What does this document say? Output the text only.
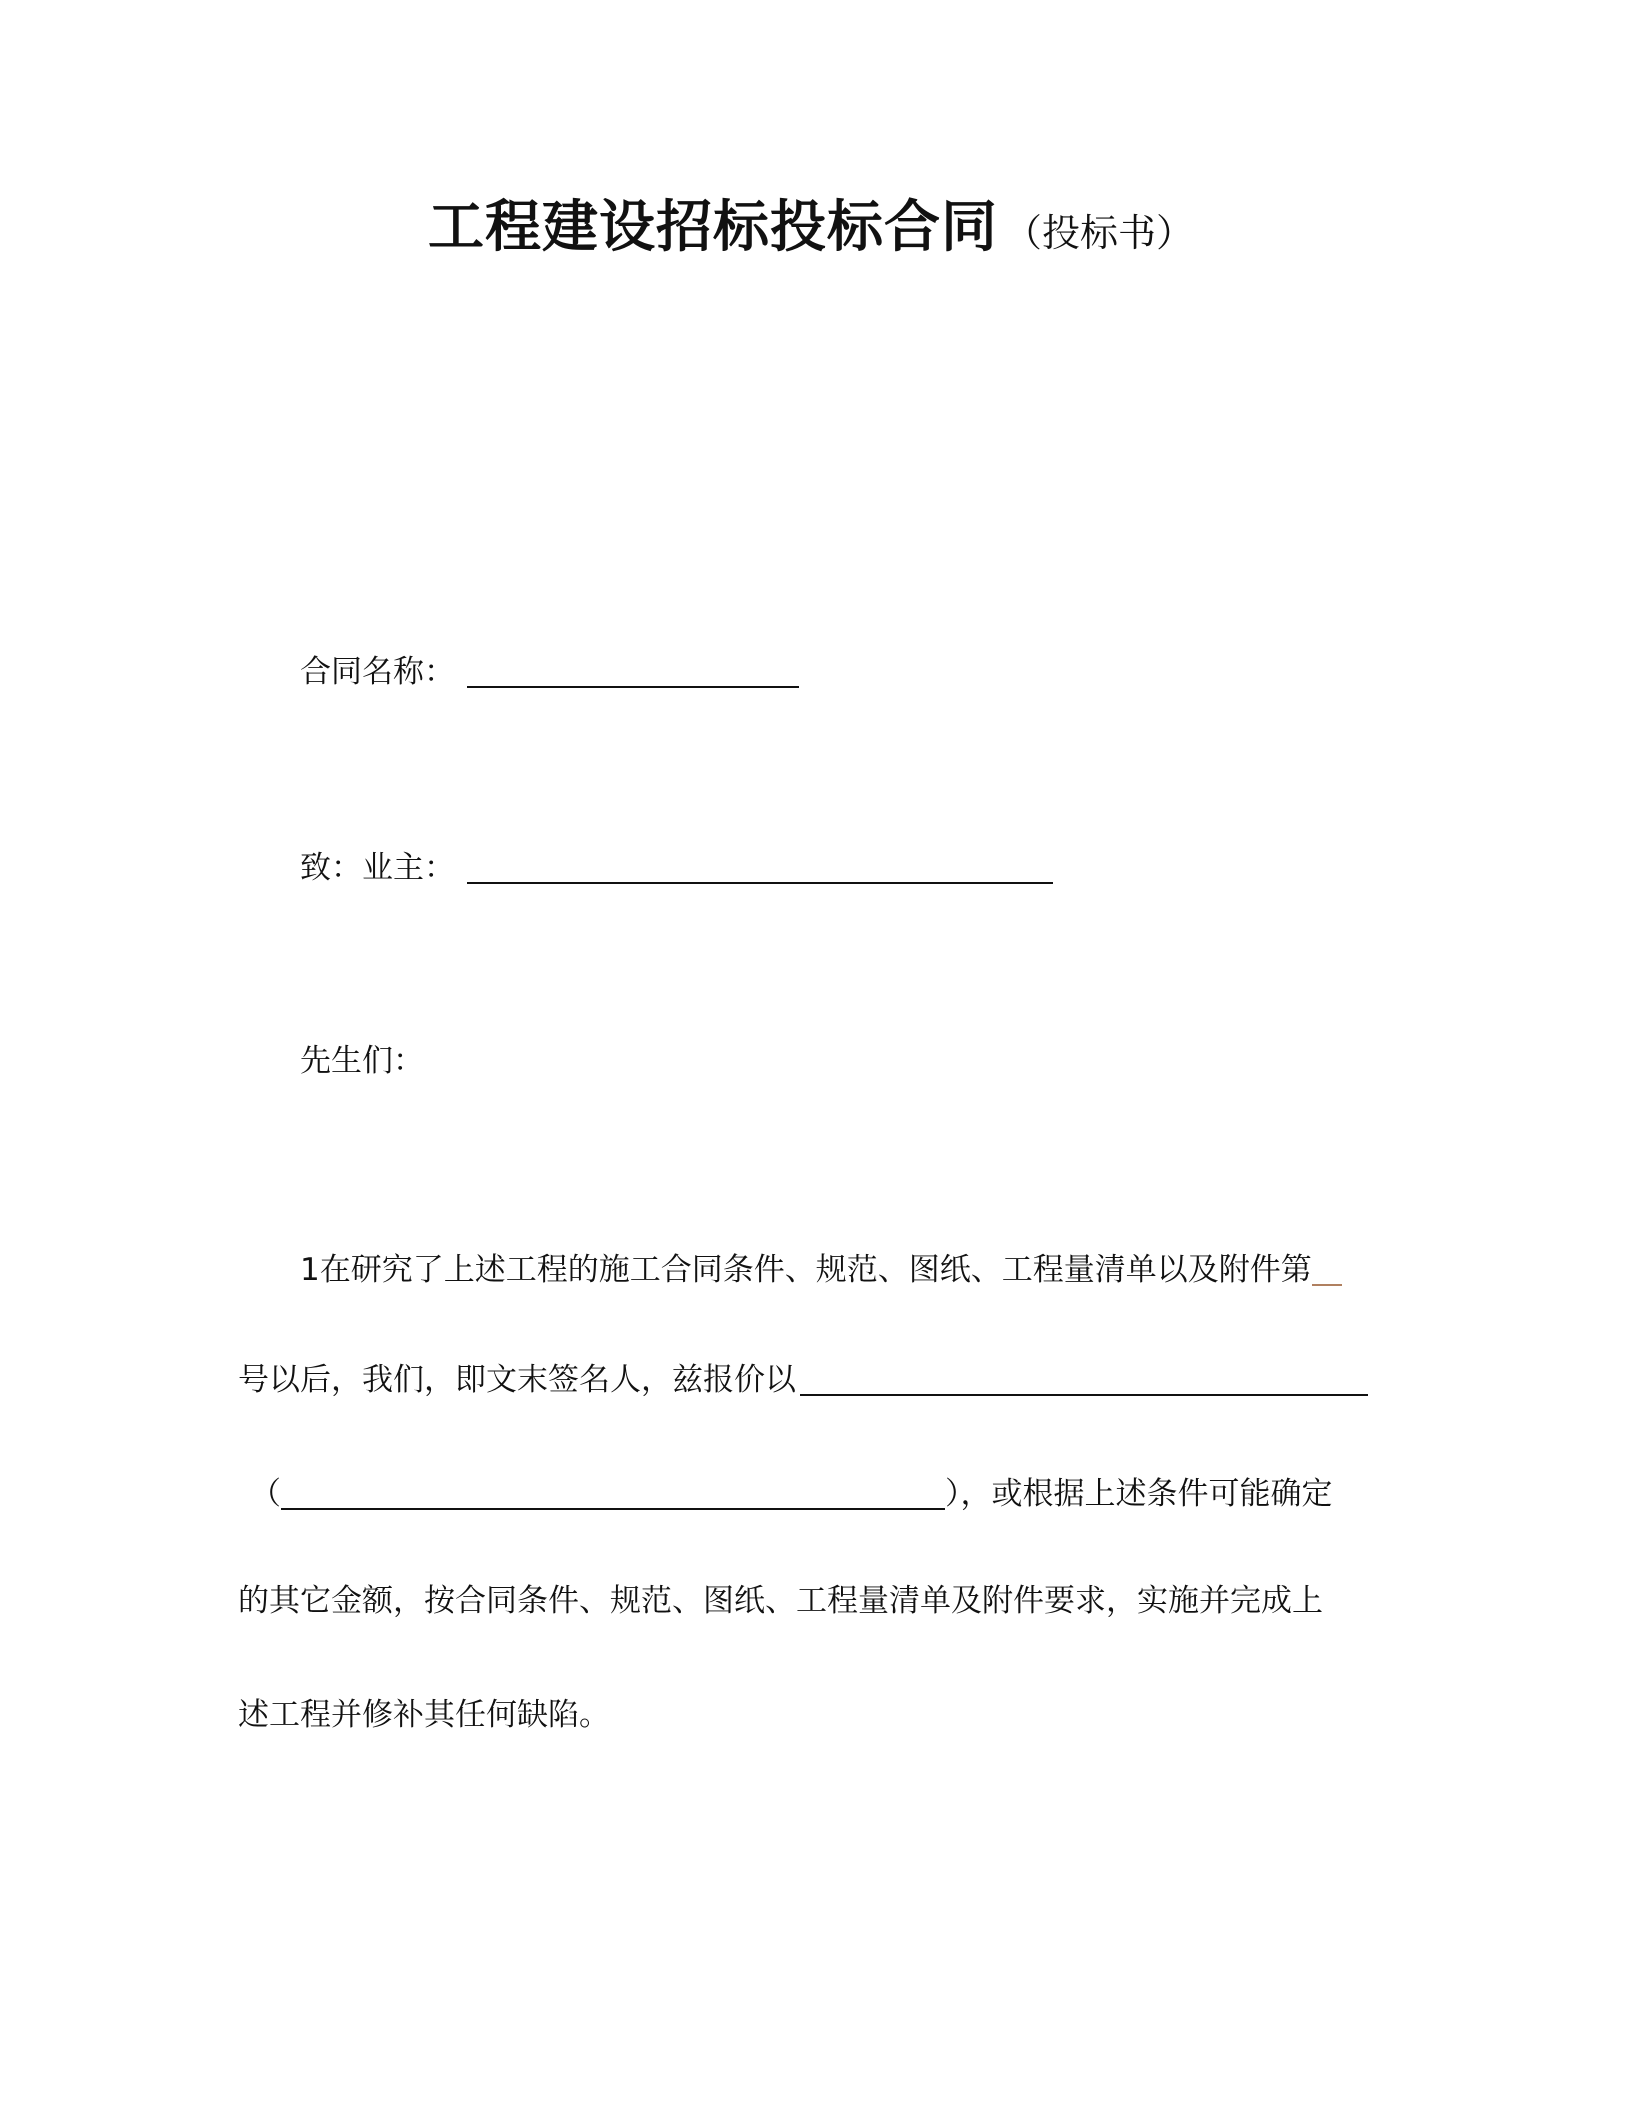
工程建设招标投标合同 （投标书）
合同名称：
致：业主：
先生们：
1在研究了上述工程的施工合同条件、规范、图纸、工程量清单以及附件第
号以后，我们，即文末签名人，兹报价以
（	），或根据上述条件可能确定
的其它金额，按合同条件、规范、图纸、工程量清单及附件要求，实施并完成上
述工程并修补其任何缺陷。
